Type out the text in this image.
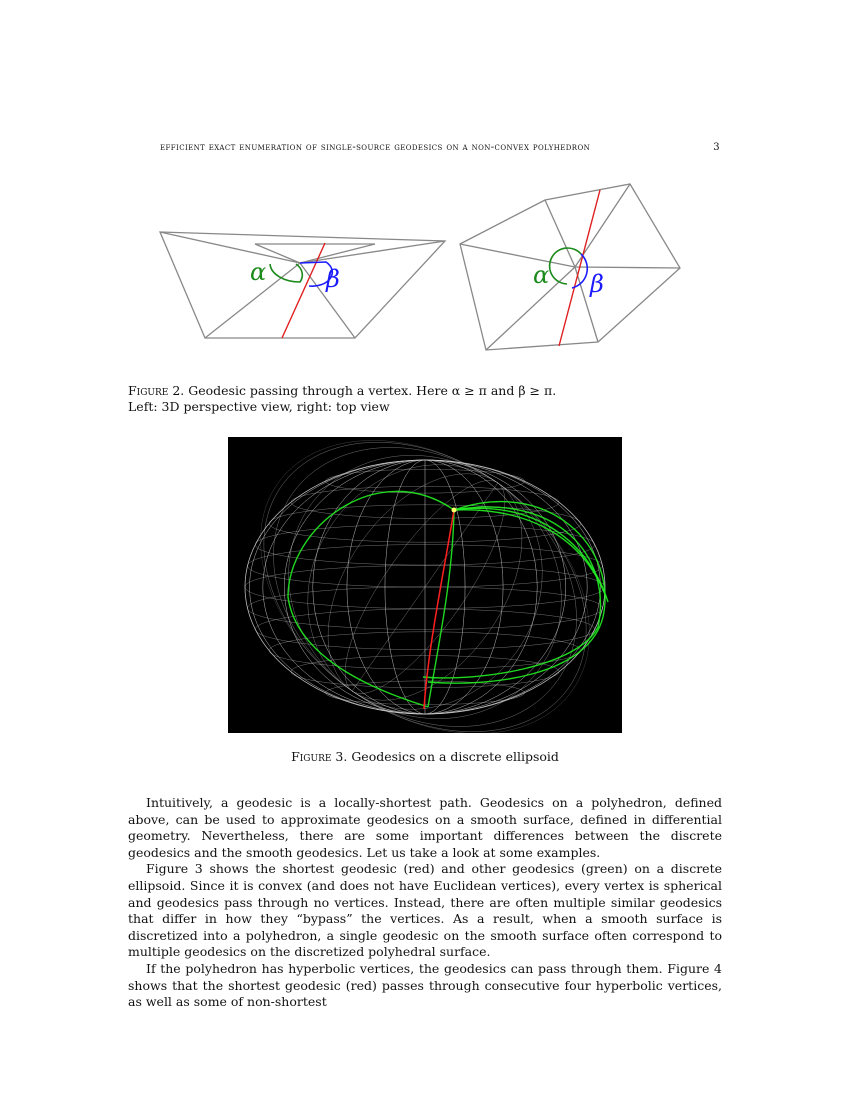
efficient exact enumeration of single-source geodesics on a non-convex polyhedron	3
α β	α β
Figure 2. Geodesic passing through a vertex. Here α ≥ π and β ≥ π.
Left: 3D perspective view, right: top view
Figure 3. Geodesics on a discrete ellipsoid

Intuitively, a geodesic is a locally-shortest path. Geodesics on a polyhedron, defined above, can be used to approximate geodesics on a smooth surface, defined in differential geometry. Nevertheless, there are some important differences between the discrete geodesics and the smooth geodesics. Let us take a look at some examples.

Figure 3 shows the shortest geodesic (red) and other geodesics (green) on a discrete ellipsoid. Since it is convex (and does not have Euclidean vertices), every vertex is spherical and geodesics pass through no vertices. Instead, there are often multiple similar geodesics that differ in how they “bypass” the vertices. As a result, when a smooth surface is discretized into a polyhedron, a single geodesic on the smooth surface often correspond to multiple geodesics on the discretized polyhedral surface.

If the polyhedron has hyperbolic vertices, the geodesics can pass through them. Figure 4 shows that the shortest geodesic (red) passes through consecutive four hyperbolic vertices, as well as some of non-shortest
